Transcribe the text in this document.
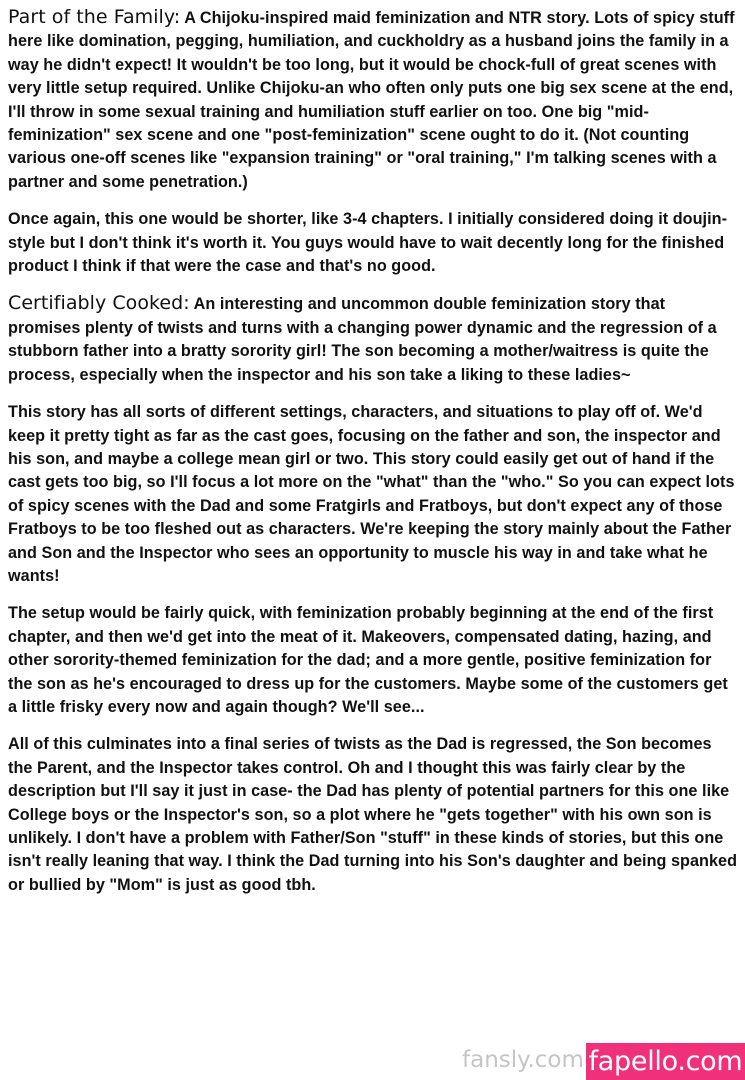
Part of the Family: A Chijoku-inspired maid feminization and NTR story. Lots of spicy stuff here like domination, pegging, humiliation, and cuckholdry as a husband joins the family in a way he didn't expect! It wouldn't be too long, but it would be chock-full of great scenes with very little setup required. Unlike Chijoku-an who often only puts one big sex scene at the end, I'll throw in some sexual training and humiliation stuff earlier on too. One big "mid-feminization" sex scene and one "post-feminization" scene ought to do it. (Not counting various one-off scenes like "expansion training" or "oral training," I'm talking scenes with a partner and some penetration.)

Once again, this one would be shorter, like 3-4 chapters. I initially considered doing it doujin-style but I don't think it's worth it. You guys would have to wait decently long for the finished product I think if that were the case and that's no good.

Certifiably Cooked: An interesting and uncommon double feminization story that promises plenty of twists and turns with a changing power dynamic and the regression of a stubborn father into a bratty sorority girl! The son becoming a mother/waitress is quite the process, especially when the inspector and his son take a liking to these ladies~

This story has all sorts of different settings, characters, and situations to play off of. We'd keep it pretty tight as far as the cast goes, focusing on the father and son, the inspector and his son, and maybe a college mean girl or two. This story could easily get out of hand if the cast gets too big, so I'll focus a lot more on the "what" than the "who." So you can expect lots of spicy scenes with the Dad and some Fratgirls and Fratboys, but don't expect any of those Fratboys to be too fleshed out as characters. We're keeping the story mainly about the Father and Son and the Inspector who sees an opportunity to muscle his way in and take what he wants!

The setup would be fairly quick, with feminization probably beginning at the end of the first chapter, and then we'd get into the meat of it. Makeovers, compensated dating, hazing, and other sorority-themed feminization for the dad; and a more gentle, positive feminization for the son as he's encouraged to dress up for the customers. Maybe some of the customers get a little frisky every now and again though? We'll see...

All of this culminates into a final series of twists as the Dad is regressed, the Son becomes the Parent, and the Inspector takes control. Oh and I thought this was fairly clear by the description but I'll say it just in case- the Dad has plenty of potential partners for this one like College boys or the Inspector's son, so a plot where he "gets together" with his own son is unlikely. I don't have a problem with Father/Son "stuff" in these kinds of stories, but this one isn't really leaning that way. I think the Dad turning into his Son's daughter and being spanked or bullied by "Mom" is just as good tbh.

fansly.com fapello.com
